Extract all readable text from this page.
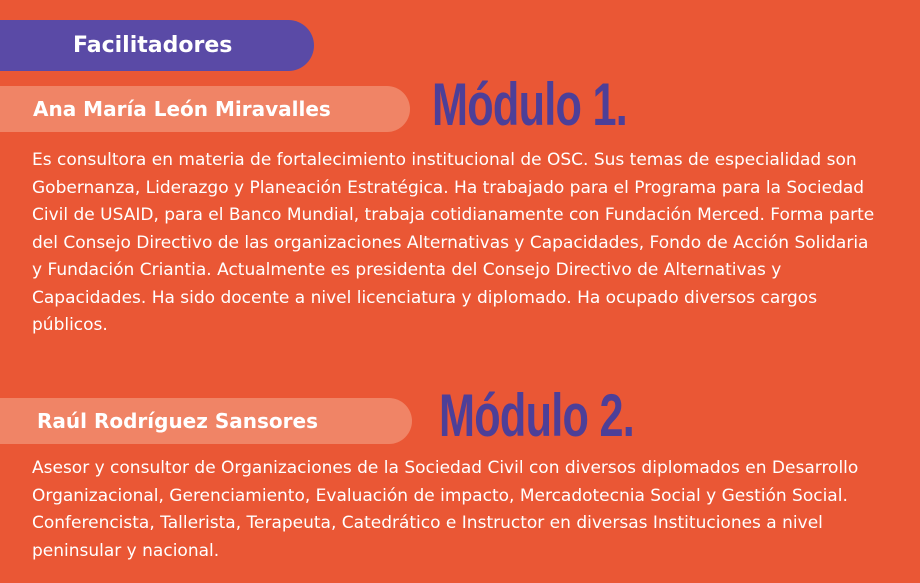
Facilitadores
Ana María León Miravalles Módulo 1.

Es consultora en materia de fortalecimiento institucional de OSC. Sus temas de especialidad son Gobernanza, Liderazgo y Planeación Estratégica. Ha trabajado para el Programa para la Sociedad Civil de USAID, para el Banco Mundial, trabaja cotidianamente con Fundación Merced. Forma parte del Consejo Directivo de las organizaciones Alternativas y Capacidades, Fondo de Acción Solidaria y Fundación Criantia. Actualmente es presidenta del Consejo Directivo de Alternativas y Capacidades. Ha sido docente a nivel licenciatura y diplomado. Ha ocupado diversos cargos públicos.

Raúl Rodríguez Sansores Módulo 2.

Asesor y consultor de Organizaciones de la Sociedad Civil con diversos diplomados en Desarrollo Organizacional, Gerenciamiento, Evaluación de impacto, Mercadotecnia Social y Gestión Social. Conferencista, Tallerista, Terapeuta, Catedrático e Instructor en diversas Instituciones a nivel peninsular y nacional.
